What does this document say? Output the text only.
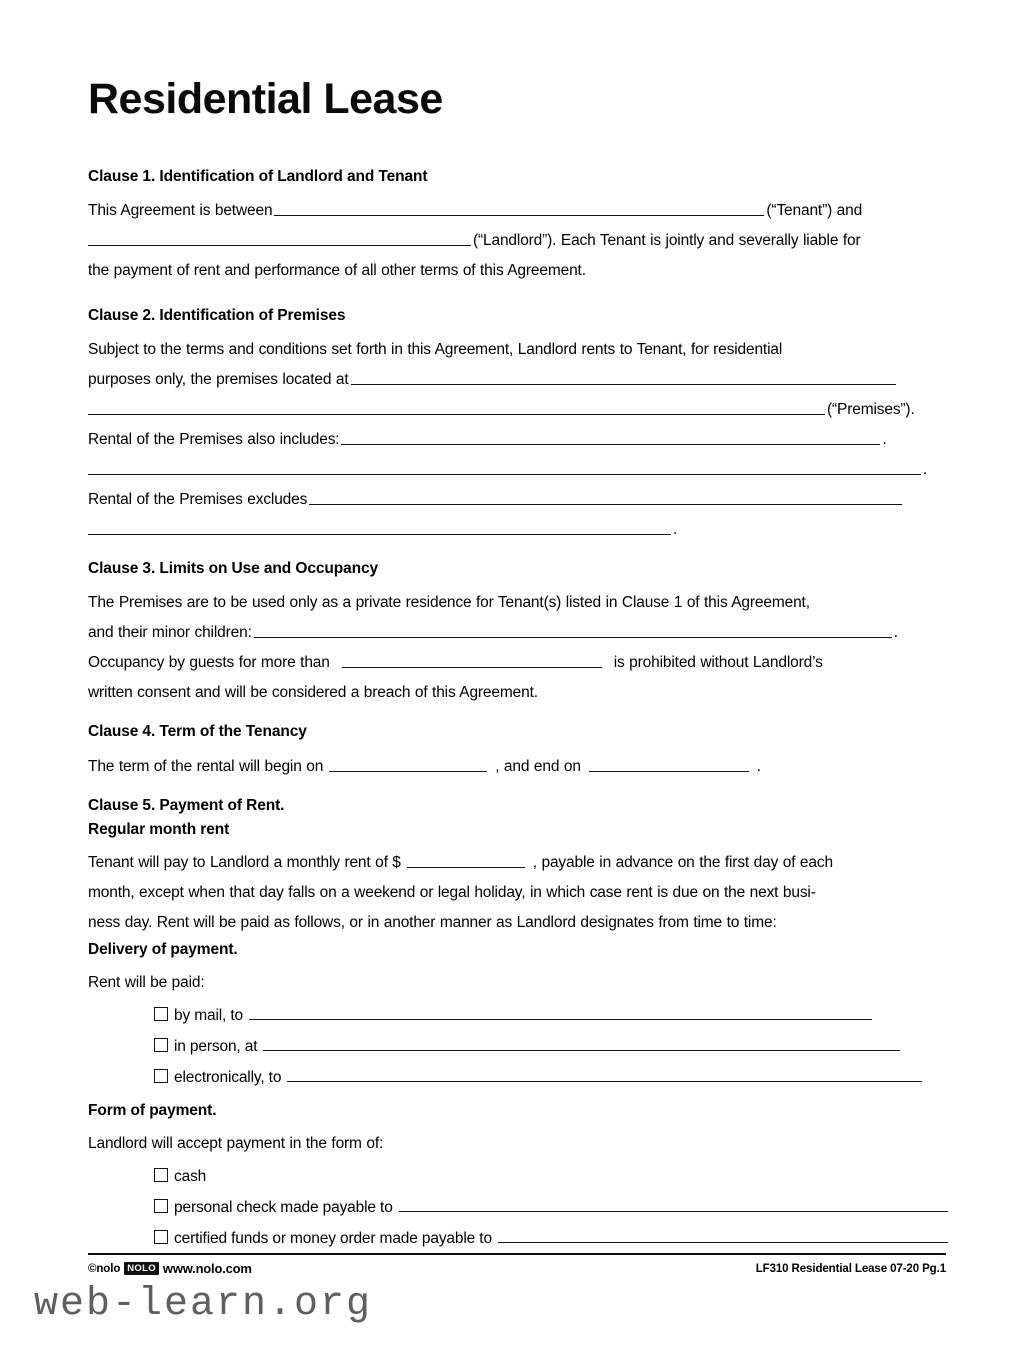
Residential Lease
Clause 1. Identification of Landlord and Tenant

This Agreement is between	(“Tenant”) and
(“Landlord”). Each Tenant is jointly and severally liable for
the payment of rent and performance of all other terms of this Agreement.

Clause 2. Identification of Premises

Subject to the terms and conditions set forth in this Agreement, Landlord rents to Tenant, for residential
purposes only, the premises located at
(“Premises”).

Rental of the Premises also includes:	.
.

Rental of the Premises excludes
.

Clause 3. Limits on Use and Occupancy

The Premises are to be used only as a private residence for Tenant(s) listed in Clause 1 of this Agreement,
and their minor children:	.
Occupancy by guests for more than	is prohibited without Landlord’s
written consent and will be considered a breach of this Agreement.

Clause 4. Term of the Tenancy

The term of the rental will begin on	, and end on	.

Clause 5. Payment of Rent.
Regular month rent

Tenant will pay to Landlord a monthly rent of $	, payable in advance on the first day of each
month, except when that day falls on a weekend or legal holiday, in which case rent is due on the next busi-
ness day. Rent will be paid as follows, or in another manner as Landlord designates from time to time:

Delivery of payment.

Rent will be paid:

by mail, to
in person, at
electronically, to
Form of payment.

Landlord will accept payment in the form of:

cash
personal check made payable to
certified funds or money order made payable to
©nolo NOLO www.nolo.com	LF310 Residential Lease 07-20 Pg.1
web-learn.org
